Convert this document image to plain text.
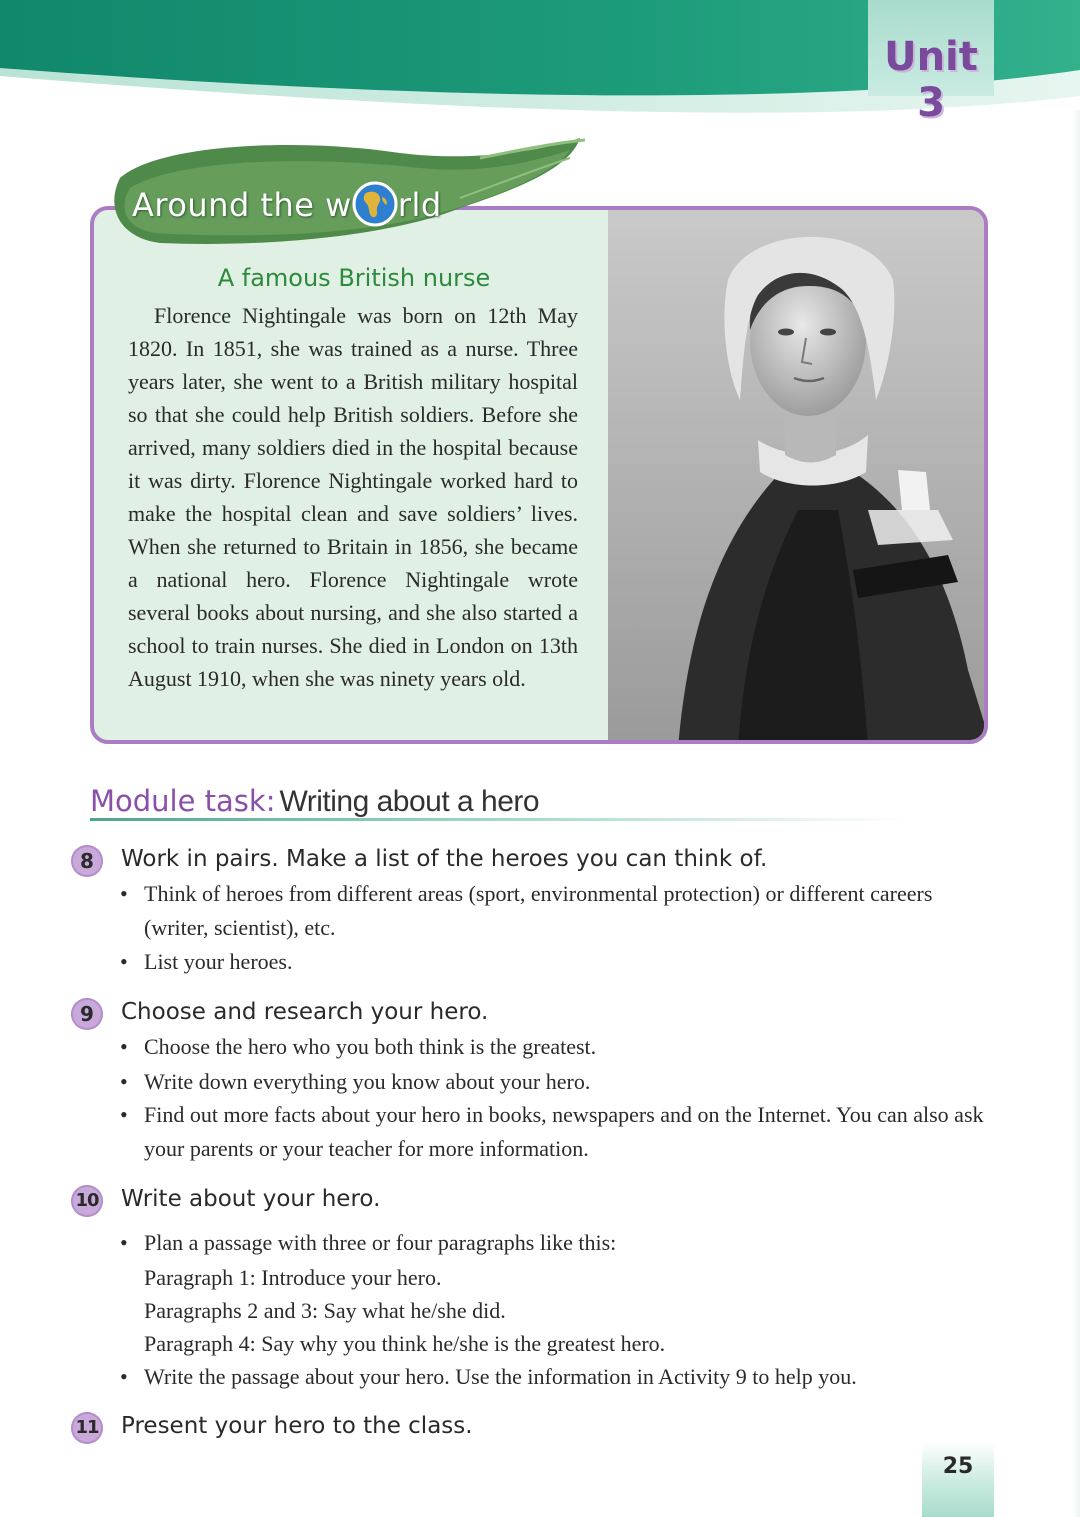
Unit 3
Around the w rld
A famous British nurse

Florence Nightingale was born on 12th May 1820. In 1851, she was trained as a nurse. Three years later, she went to a British military hospital so that she could help British soldiers. Before she arrived, many soldiers died in the hospital because it was dirty. Florence Nightingale worked hard to make the hospital clean and save soldiers’ lives. When she returned to Britain in 1856, she became a national hero. Florence Nightingale wrote several books about nursing, and she also started a school to train nurses. She died in London on 13th August 1910, when she was ninety years old.

Module task: Writing about a hero
8	Work in pairs. Make a list of the heroes you can think of.
• Think of heroes from different areas (sport, environmental protection) or different careers (writer, scientist), etc.
• List your heroes.
9	Choose and research your hero.
• Choose the hero who you both think is the greatest.
• Write down everything you know about your hero.
• Find out more facts about your hero in books, newspapers and on the Internet. You can also ask your parents or your teacher for more information.
10 Write about your hero.
• Plan a passage with three or four paragraphs like this:
Paragraph 1: Introduce your hero.
Paragraphs 2 and 3: Say what he/she did.
Paragraph 4: Say why you think he/she is the greatest hero.
• Write the passage about your hero. Use the information in Activity 9 to help you.
11 Present your hero to the class.
25
